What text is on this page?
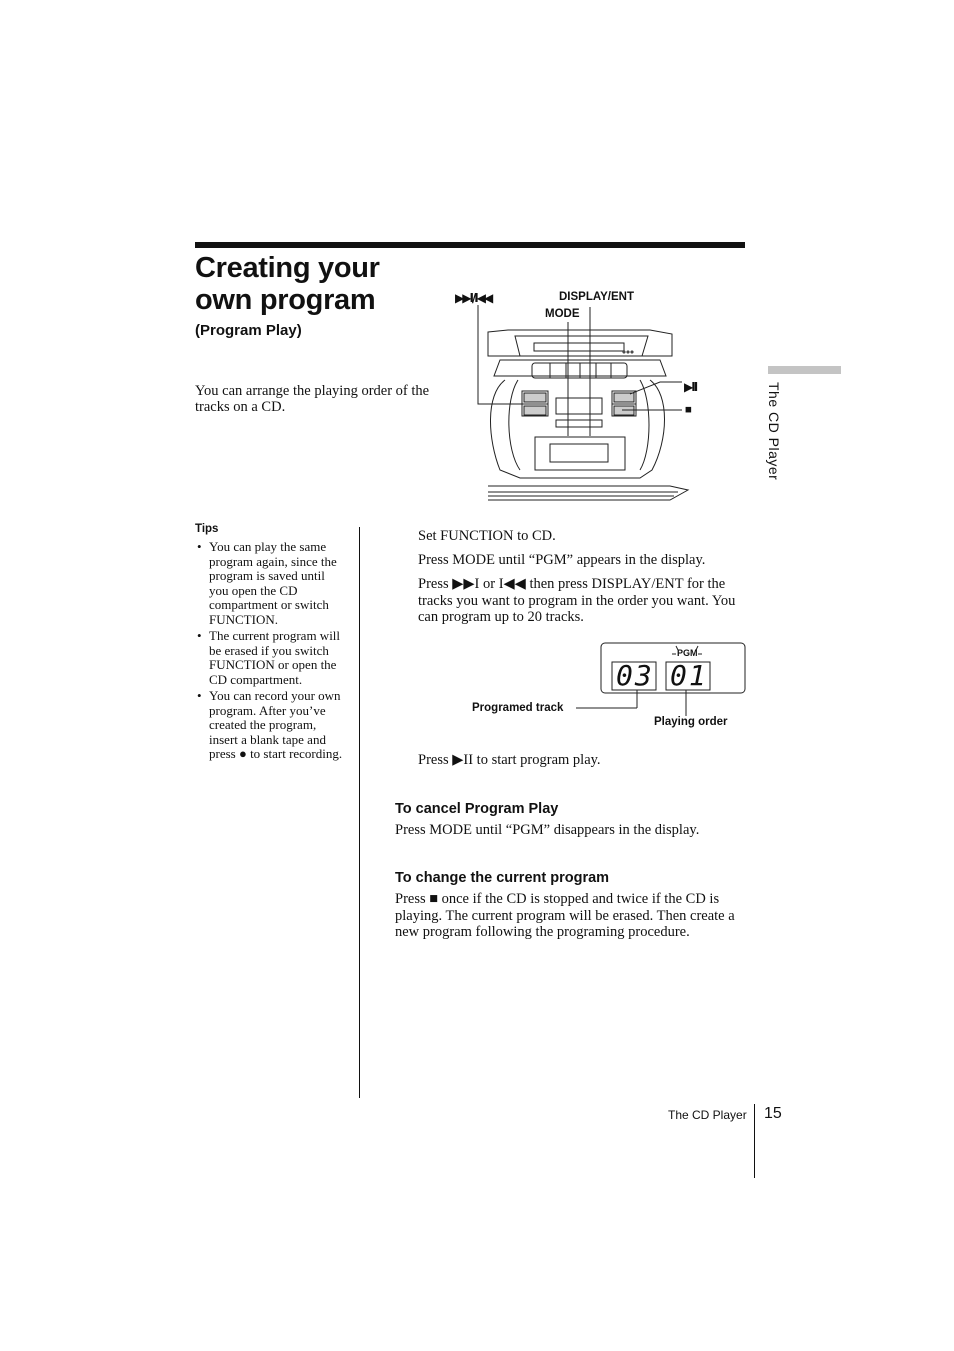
Creating your
own program
(Program Play)
You can arrange the playing order of the tracks on a CD.	The CD Player
▶▶I/I◀◀	DISPLAY/ENT
MODE
▶II
■
Tips
• You can play the same program again, since the program is saved until you open the CD compartment or switch FUNCTION.
• The current program will be erased if you switch FUNCTION or open the CD compartment.
• You can record your own program. After you’ve created the program, insert a blank tape and press ● to start recording.
Set FUNCTION to CD.
Press MODE until “PGM” appears in the display.
Press ▶▶I or I◀◀ then press DISPLAY/ENT for the tracks you want to program in the order you want. You can program up to 20 tracks.
PGM
03 01
Programed track
Playing order
Press ▶II to start program play.
To cancel Program Play
Press MODE until “PGM” disappears in the display.
To change the current program
Press ■ once if the CD is stopped and twice if the CD is playing. The current program will be erased. Then create a new program following the programing procedure.
The CD Player 15
